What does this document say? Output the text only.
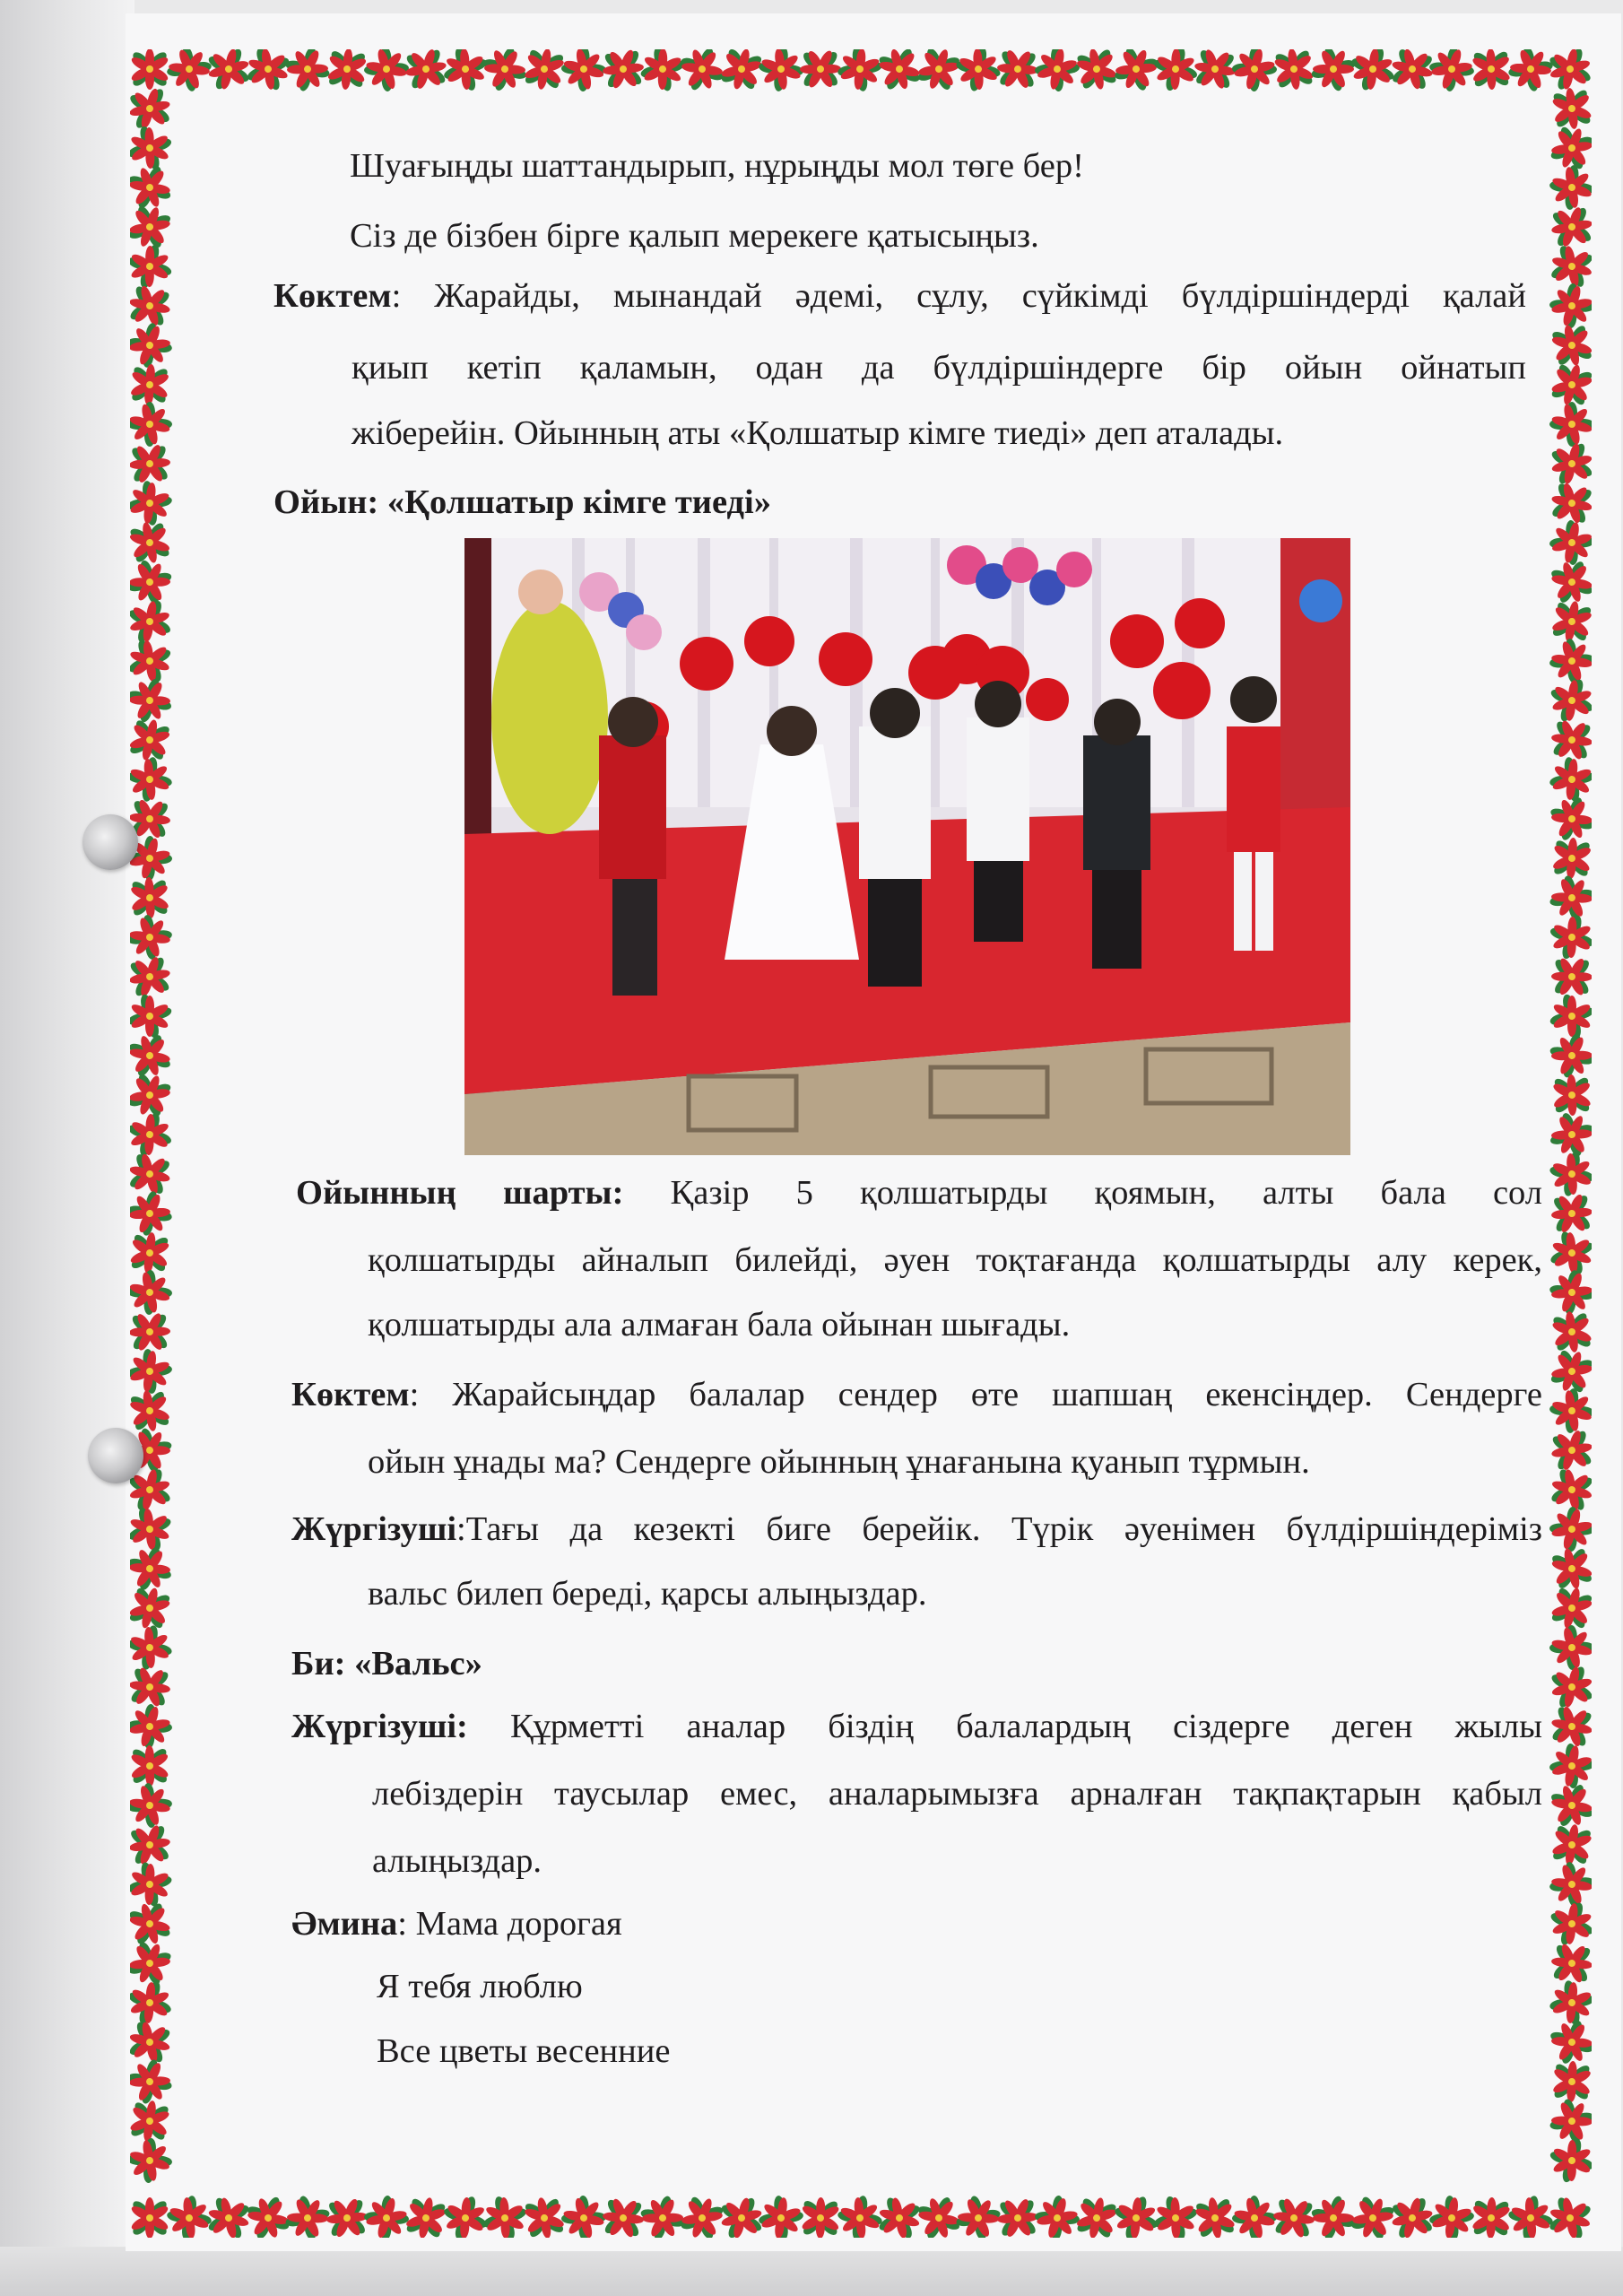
Шуағыңды шаттандырып, нұрыңды мол төге бер!
Сіз де бізбен бірге қалып мерекеге қатысыңыз.
Көктем: Жарайды, мынандай әдемі, сұлу, сүйкімді бүлдіршіндерді қалай
қиып кетіп қаламын, одан да бүлдіршіндерге бір ойын ойнатып
жіберейін. Ойынның аты «Қолшатыр кімге тиеді» деп аталады.
Ойын: «Қолшатыр кімге тиеді»
Ойынның шарты: Қазір 5 қолшатырды қоямын, алты бала сол
қолшатырды айналып билейді, әуен тоқтағанда қолшатырды алу керек,
қолшатырды ала алмаған бала ойынан шығады.
Көктем: Жарайсыңдар балалар сендер өте шапшаң екенсіңдер. Сендерге
ойын ұнады ма? Сендерге ойынның ұнағанына қуанып тұрмын.
Жүргізуші:Тағы да кезекті биге берейік. Түрік әуенімен бүлдіршіндеріміз
вальс билеп береді, қарсы алыңыздар.
Би: «Вальс»
Жүргізуші: Құрметті аналар біздің балалардың сіздерге деген жылы
лебіздерін таусылар емес, аналарымызға арналған тақпақтарын қабыл
алыңыздар.
Әмина: Мама дорогая
Я тебя люблю
Все цветы весенние
